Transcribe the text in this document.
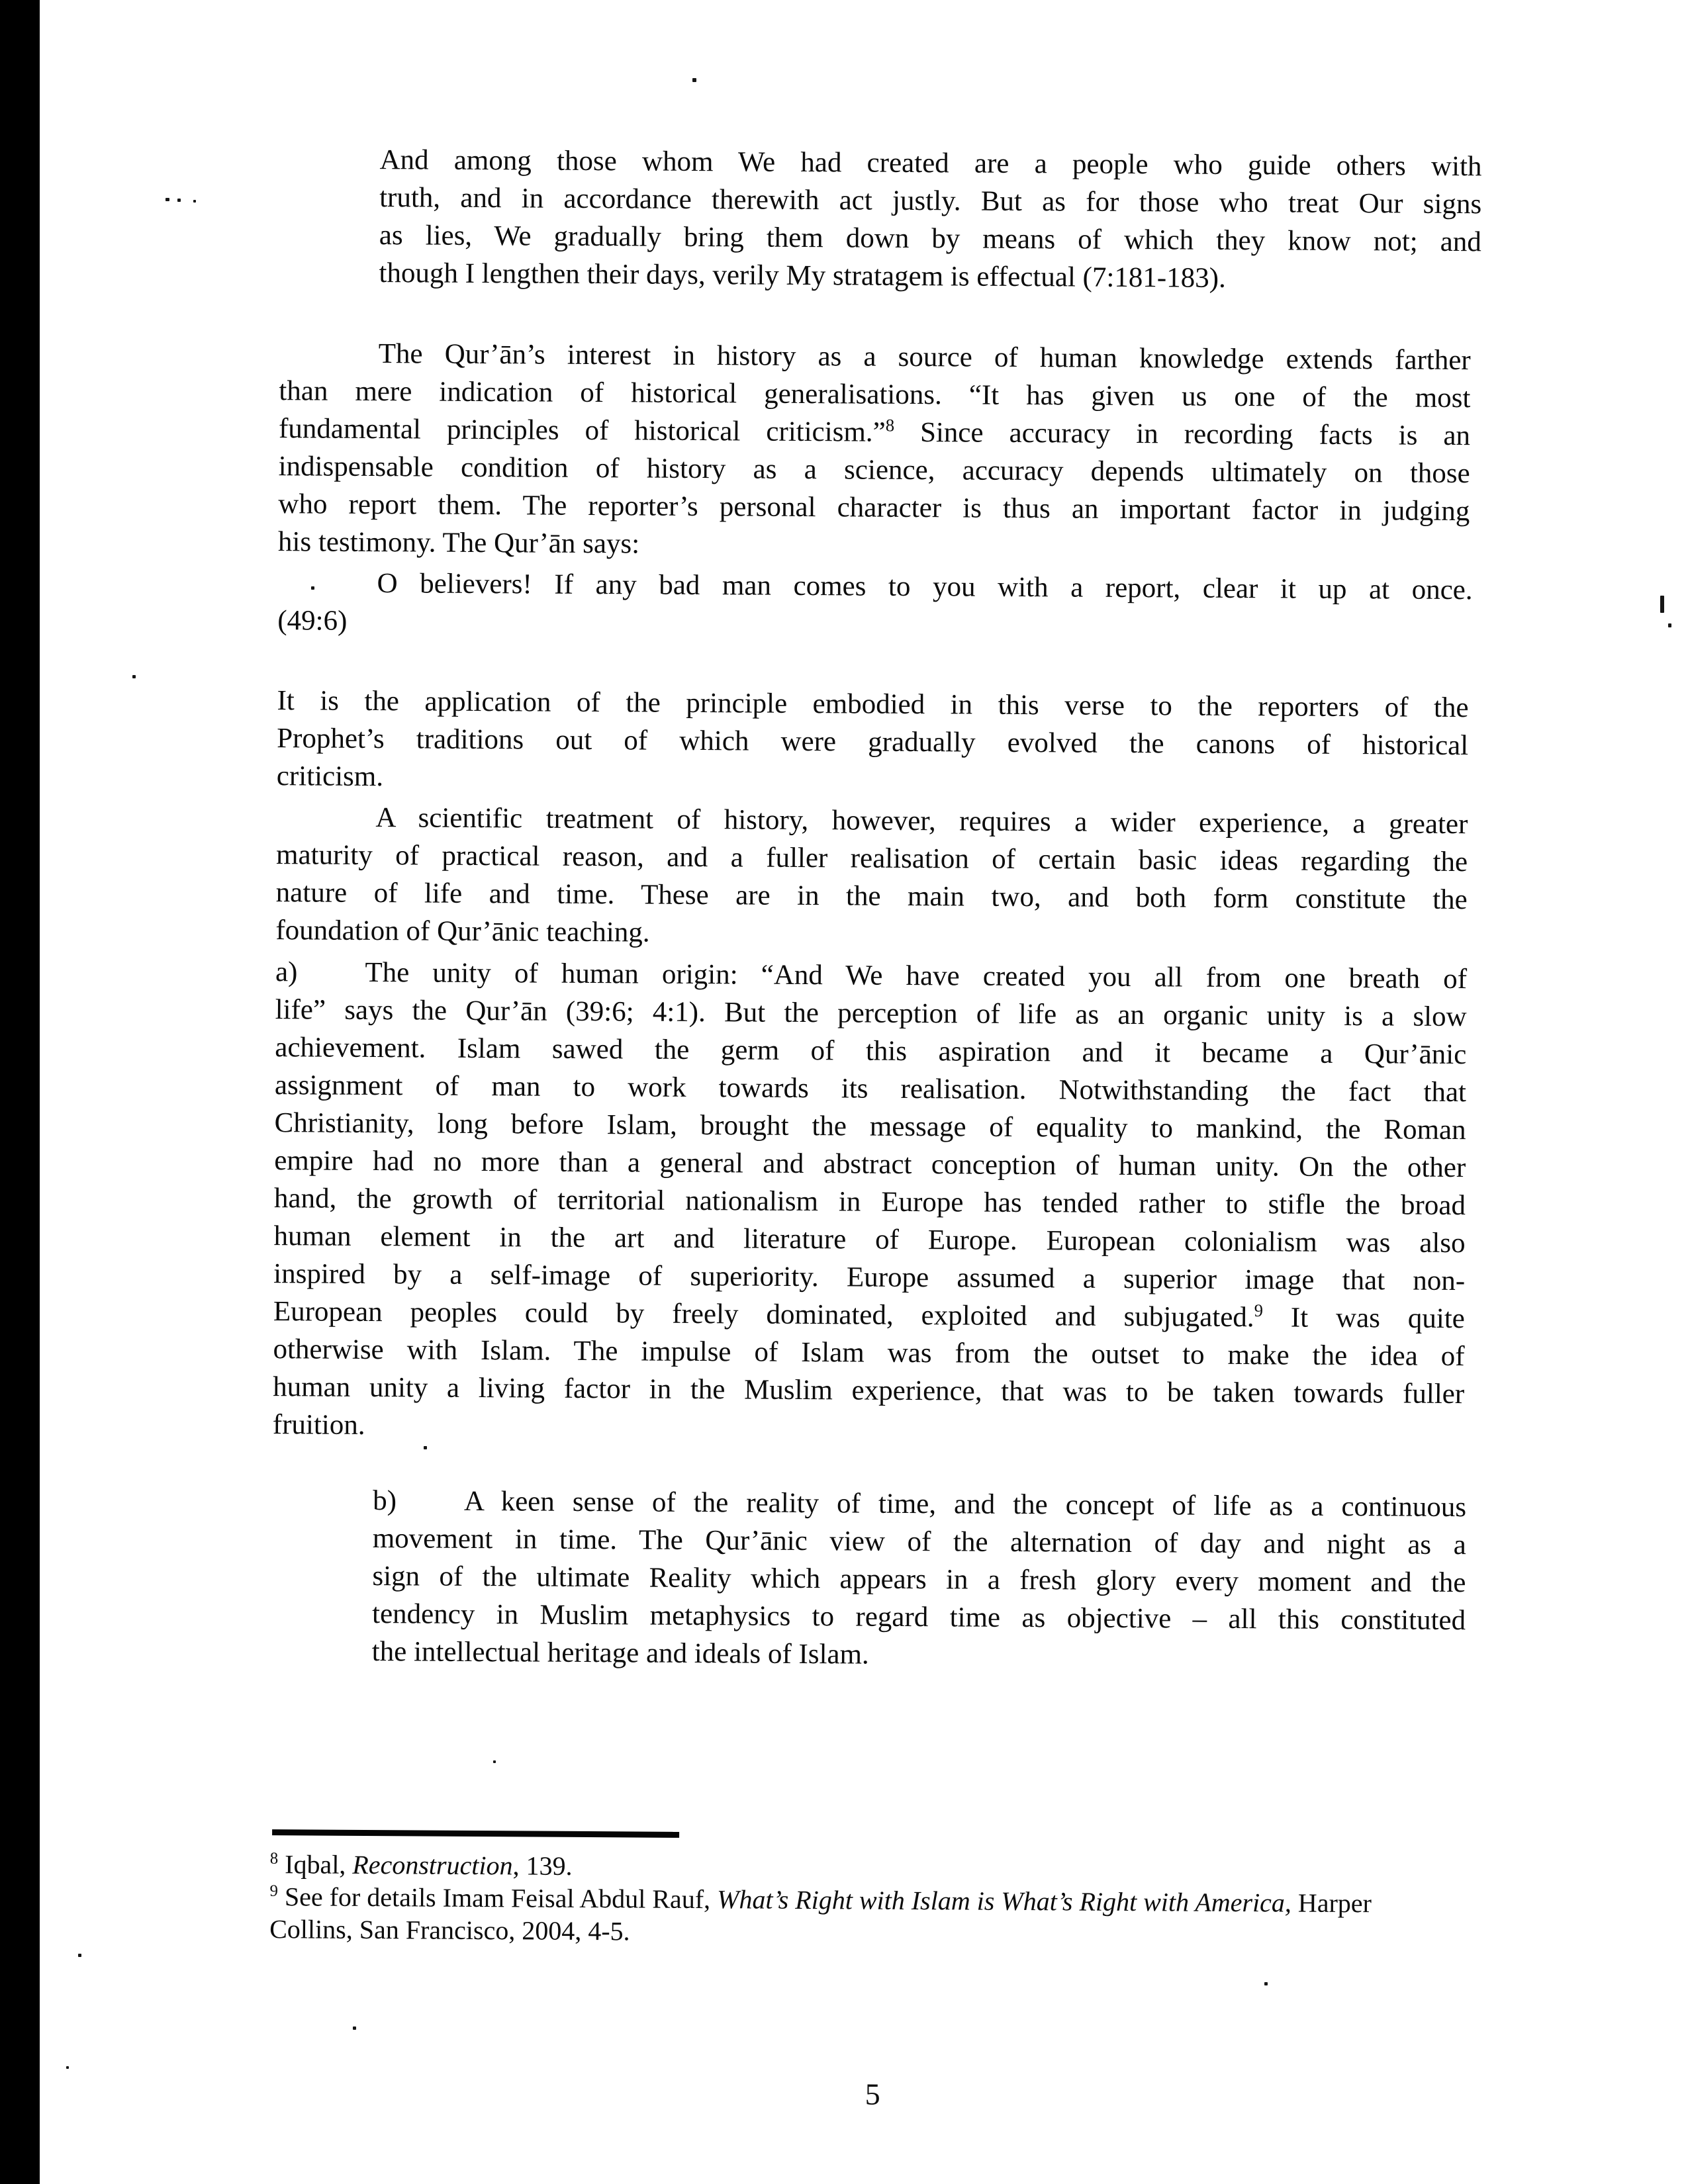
And among those whom We had created are a people who guide others with
truth, and in accordance therewith act justly. But as for those who treat Our signs
as lies, We gradually bring them down by means of which they know not; and
though I lengthen their days, verily My stratagem is effectual (7:181-183).
The Qur’ān’s interest in history as a source of human knowledge extends farther
than mere indication of historical generalisations. “It has given us one of the most
fundamental principles of historical criticism.”$^8$ Since accuracy in recording facts is an
indispensable condition of history as a science, accuracy depends ultimately on those
who report them. The reporter’s personal character is thus an important factor in judging
his testimony. The Qur’ān says:
O believers! If any bad man comes to you with a report, clear it up at once.
(49:6)
It is the application of the principle embodied in this verse to the reporters of the
Prophet’s traditions out of which were gradually evolved the canons of historical
criticism.
A scientific treatment of history, however, requires a wider experience, a greater
maturity of practical reason, and a fuller realisation of certain basic ideas regarding the
nature of life and time. These are in the main two, and both form constitute the
foundation of Qur’ānic teaching.
a) The unity of human origin: “And We have created you all from one breath of
life” says the Qur’ān (39:6; 4:1). But the perception of life as an organic unity is a slow
achievement. Islam sawed the germ of this aspiration and it became a Qur’ānic
assignment of man to work towards its realisation. Notwithstanding the fact that
Christianity, long before Islam, brought the message of equality to mankind, the Roman
empire had no more than a general and abstract conception of human unity. On the other
hand, the growth of territorial nationalism in Europe has tended rather to stifle the broad
human element in the art and literature of Europe. European colonialism was also
inspired by a self-image of superiority. Europe assumed a superior image that non-
European peoples could by freely dominated, exploited and subjugated.$^9$ It was quite
otherwise with Islam. The impulse of Islam was from the outset to make the idea of
human unity a living factor in the Muslim experience, that was to be taken towards fuller
fruition.
b) A keen sense of the reality of time, and the concept of life as a continuous
movement in time. The Qur’ānic view of the alternation of day and night as a
sign of the ultimate Reality which appears in a fresh glory every moment and the
tendency in Muslim metaphysics to regard time as objective – all this constituted
the intellectual heritage and ideals of Islam.
$^8$ Iqbal, Reconstruction, 139.
$^9$ See for details Imam Feisal Abdul Rauf, What’s Right with Islam is What’s Right with America, Harper
Collins, San Francisco, 2004, 4-5.
5
